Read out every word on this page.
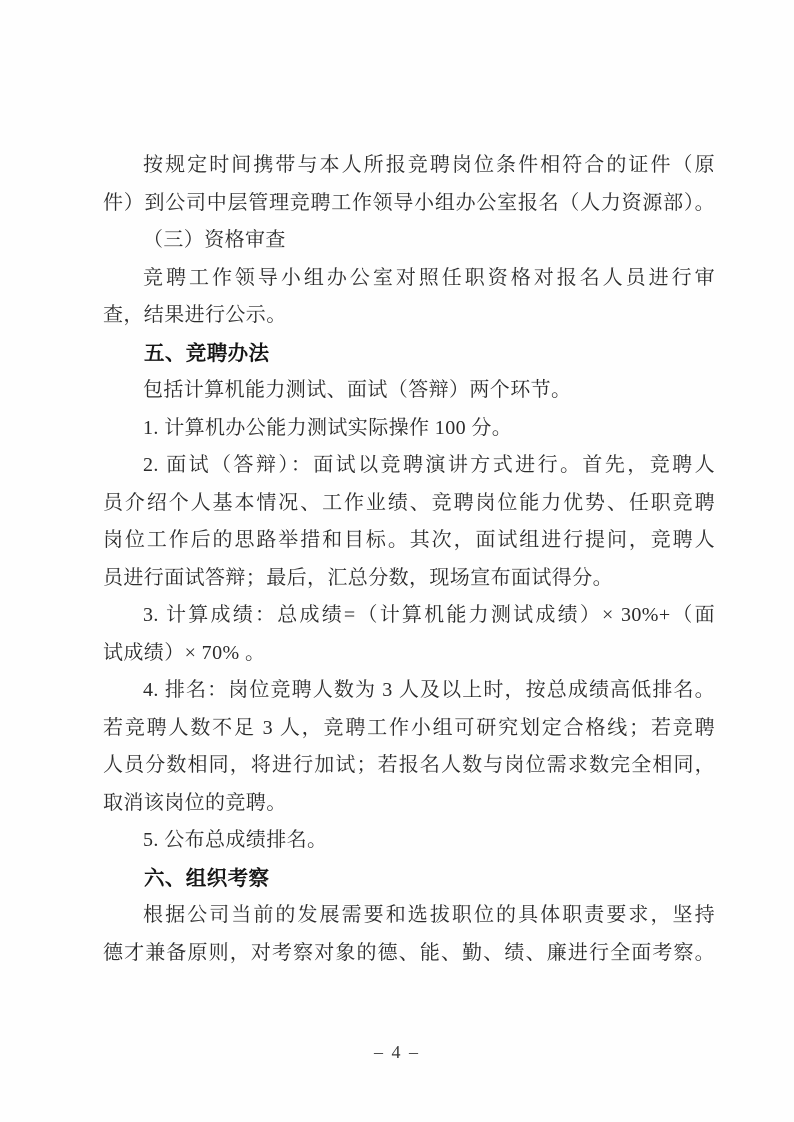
按规定时间携带与本人所报竞聘岗位条件相符合的证件（原
件）到公司中层管理竞聘工作领导小组办公室报名（人力资源部）。
（三）资格审查
竞聘工作领导小组办公室对照任职资格对报名人员进行审
查，结果进行公示。
五、竞聘办法
包括计算机能力测试、面试（答辩）两个环节。
1. 计算机办公能力测试实际操作 100 分。
2. 面试（答辩）：面试以竞聘演讲方式进行。首先，竞聘人
员介绍个人基本情况、工作业绩、竞聘岗位能力优势、任职竞聘
岗位工作后的思路举措和目标。其次，面试组进行提问，竞聘人
员进行面试答辩；最后，汇总分数，现场宣布面试得分。
3. 计算成绩：总成绩=（计算机能力测试成绩）× 30%+（面
试成绩）× 70% 。
4. 排名：岗位竞聘人数为 3 人及以上时，按总成绩高低排名。
若竞聘人数不足 3 人，竞聘工作小组可研究划定合格线；若竞聘
人员分数相同，将进行加试；若报名人数与岗位需求数完全相同，
取消该岗位的竞聘。
5. 公布总成绩排名。
六、组织考察
根据公司当前的发展需要和选拔职位的具体职责要求，坚持
德才兼备原则，对考察对象的德、能、勤、绩、廉进行全面考察。
– 4 –
